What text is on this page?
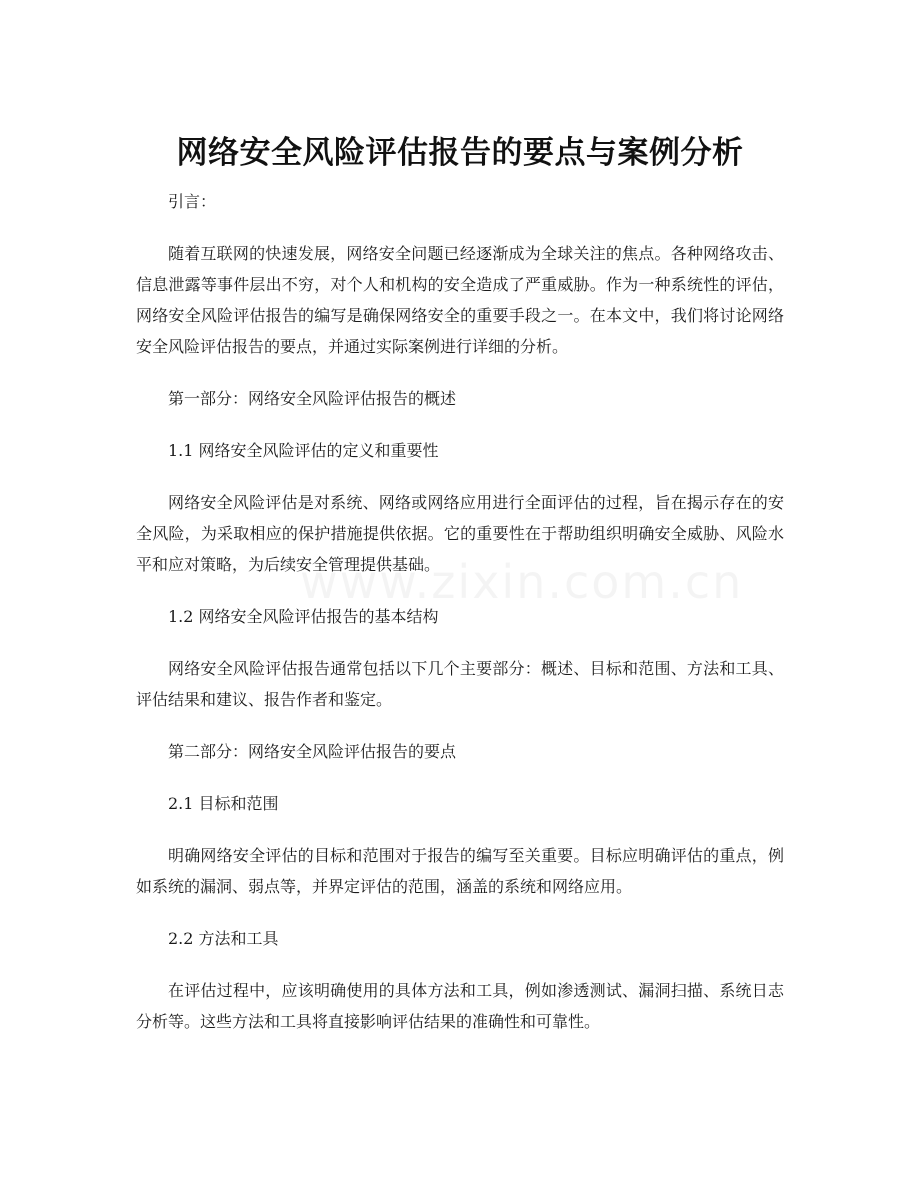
网络安全风险评估报告的要点与案例分析

引言：

随着互联网的快速发展，网络安全问题已经逐渐成为全球关注的焦点。各种网络攻击、信息泄露等事件层出不穷，对个人和机构的安全造成了严重威胁。作为一种系统性的评估，网络安全风险评估报告的编写是确保网络安全的重要手段之一。在本文中，我们将讨论网络安全风险评估报告的要点，并通过实际案例进行详细的分析。

第一部分：网络安全风险评估报告的概述

1.1 网络安全风险评估的定义和重要性

网络安全风险评估是对系统、网络或网络应用进行全面评估的过程，旨在揭示存在的安全风险，为采取相应的保护措施提供依据。它的重要性在于帮助组织明确安全威胁、风险水平和应对策略，为后续安全管理提供基础。

1.2 网络安全风险评估报告的基本结构

网络安全风险评估报告通常包括以下几个主要部分：概述、目标和范围、方法和工具、评估结果和建议、报告作者和鉴定。

第二部分：网络安全风险评估报告的要点

2.1 目标和范围

明确网络安全评估的目标和范围对于报告的编写至关重要。目标应明确评估的重点，例如系统的漏洞、弱点等，并界定评估的范围，涵盖的系统和网络应用。

2.2 方法和工具

在评估过程中，应该明确使用的具体方法和工具，例如渗透测试、漏洞扫描、系统日志分析等。这些方法和工具将直接影响评估结果的准确性和可靠性。
